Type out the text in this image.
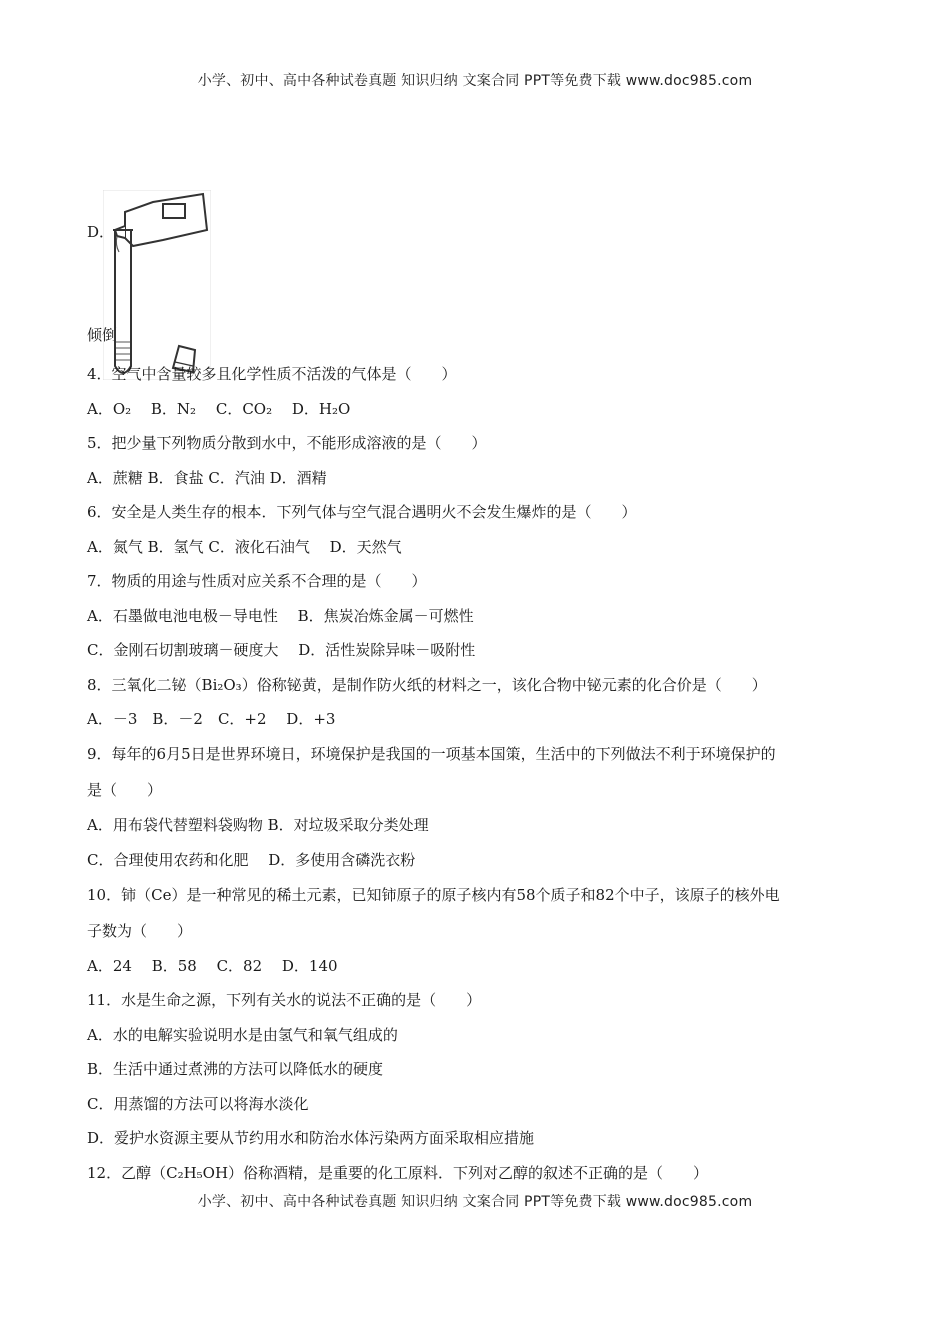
小学、初中、高中各种试卷真题 知识归纳 文案合同 PPT等免费下载 www.doc985.com
D．
倾倒
4．空气中含量较多且化学性质不活泼的气体是（　　）
A．O₂　 B．N₂　 C．CO₂　 D．H₂O
5．把少量下列物质分散到水中，不能形成溶液的是（　　）
A．蔗糖 B．食盐 C．汽油 D．酒精
6．安全是人类生存的根本．下列气体与空气混合遇明火不会发生爆炸的是（　　）
A．氮气 B．氢气 C．液化石油气　 D．天然气
7．物质的用途与性质对应关系不合理的是（　　）
A．石墨做电池电极－导电性　 B．焦炭冶炼金属－可燃性
C．金刚石切割玻璃－硬度大　 D．活性炭除异味－吸附性
8．三氧化二铋（Bi₂O₃）俗称铋黄，是制作防火纸的材料之一，该化合物中铋元素的化合价是（　　）
A．－3　B．－2　C．+2　 D．+3
9．每年的6月5日是世界环境日，环境保护是我国的一项基本国策，生活中的下列做法不利于环境保护的
是（　　）
A．用布袋代替塑料袋购物 B．对垃圾采取分类处理
C．合理使用农药和化肥　 D．多使用含磷洗衣粉
10．铈（Ce）是一种常见的稀土元素，已知铈原子的原子核内有58个质子和82个中子，该原子的核外电
子数为（　　）
A．24　 B．58　 C．82　 D．140
11．水是生命之源，下列有关水的说法不正确的是（　　）
A．水的电解实验说明水是由氢气和氧气组成的
B．生活中通过煮沸的方法可以降低水的硬度
C．用蒸馏的方法可以将海水淡化
D．爱护水资源主要从节约用水和防治水体污染两方面采取相应措施
12．乙醇（C₂H₅OH）俗称酒精，是重要的化工原料．下列对乙醇的叙述不正确的是（　　）
小学、初中、高中各种试卷真题 知识归纳 文案合同 PPT等免费下载 www.doc985.com
